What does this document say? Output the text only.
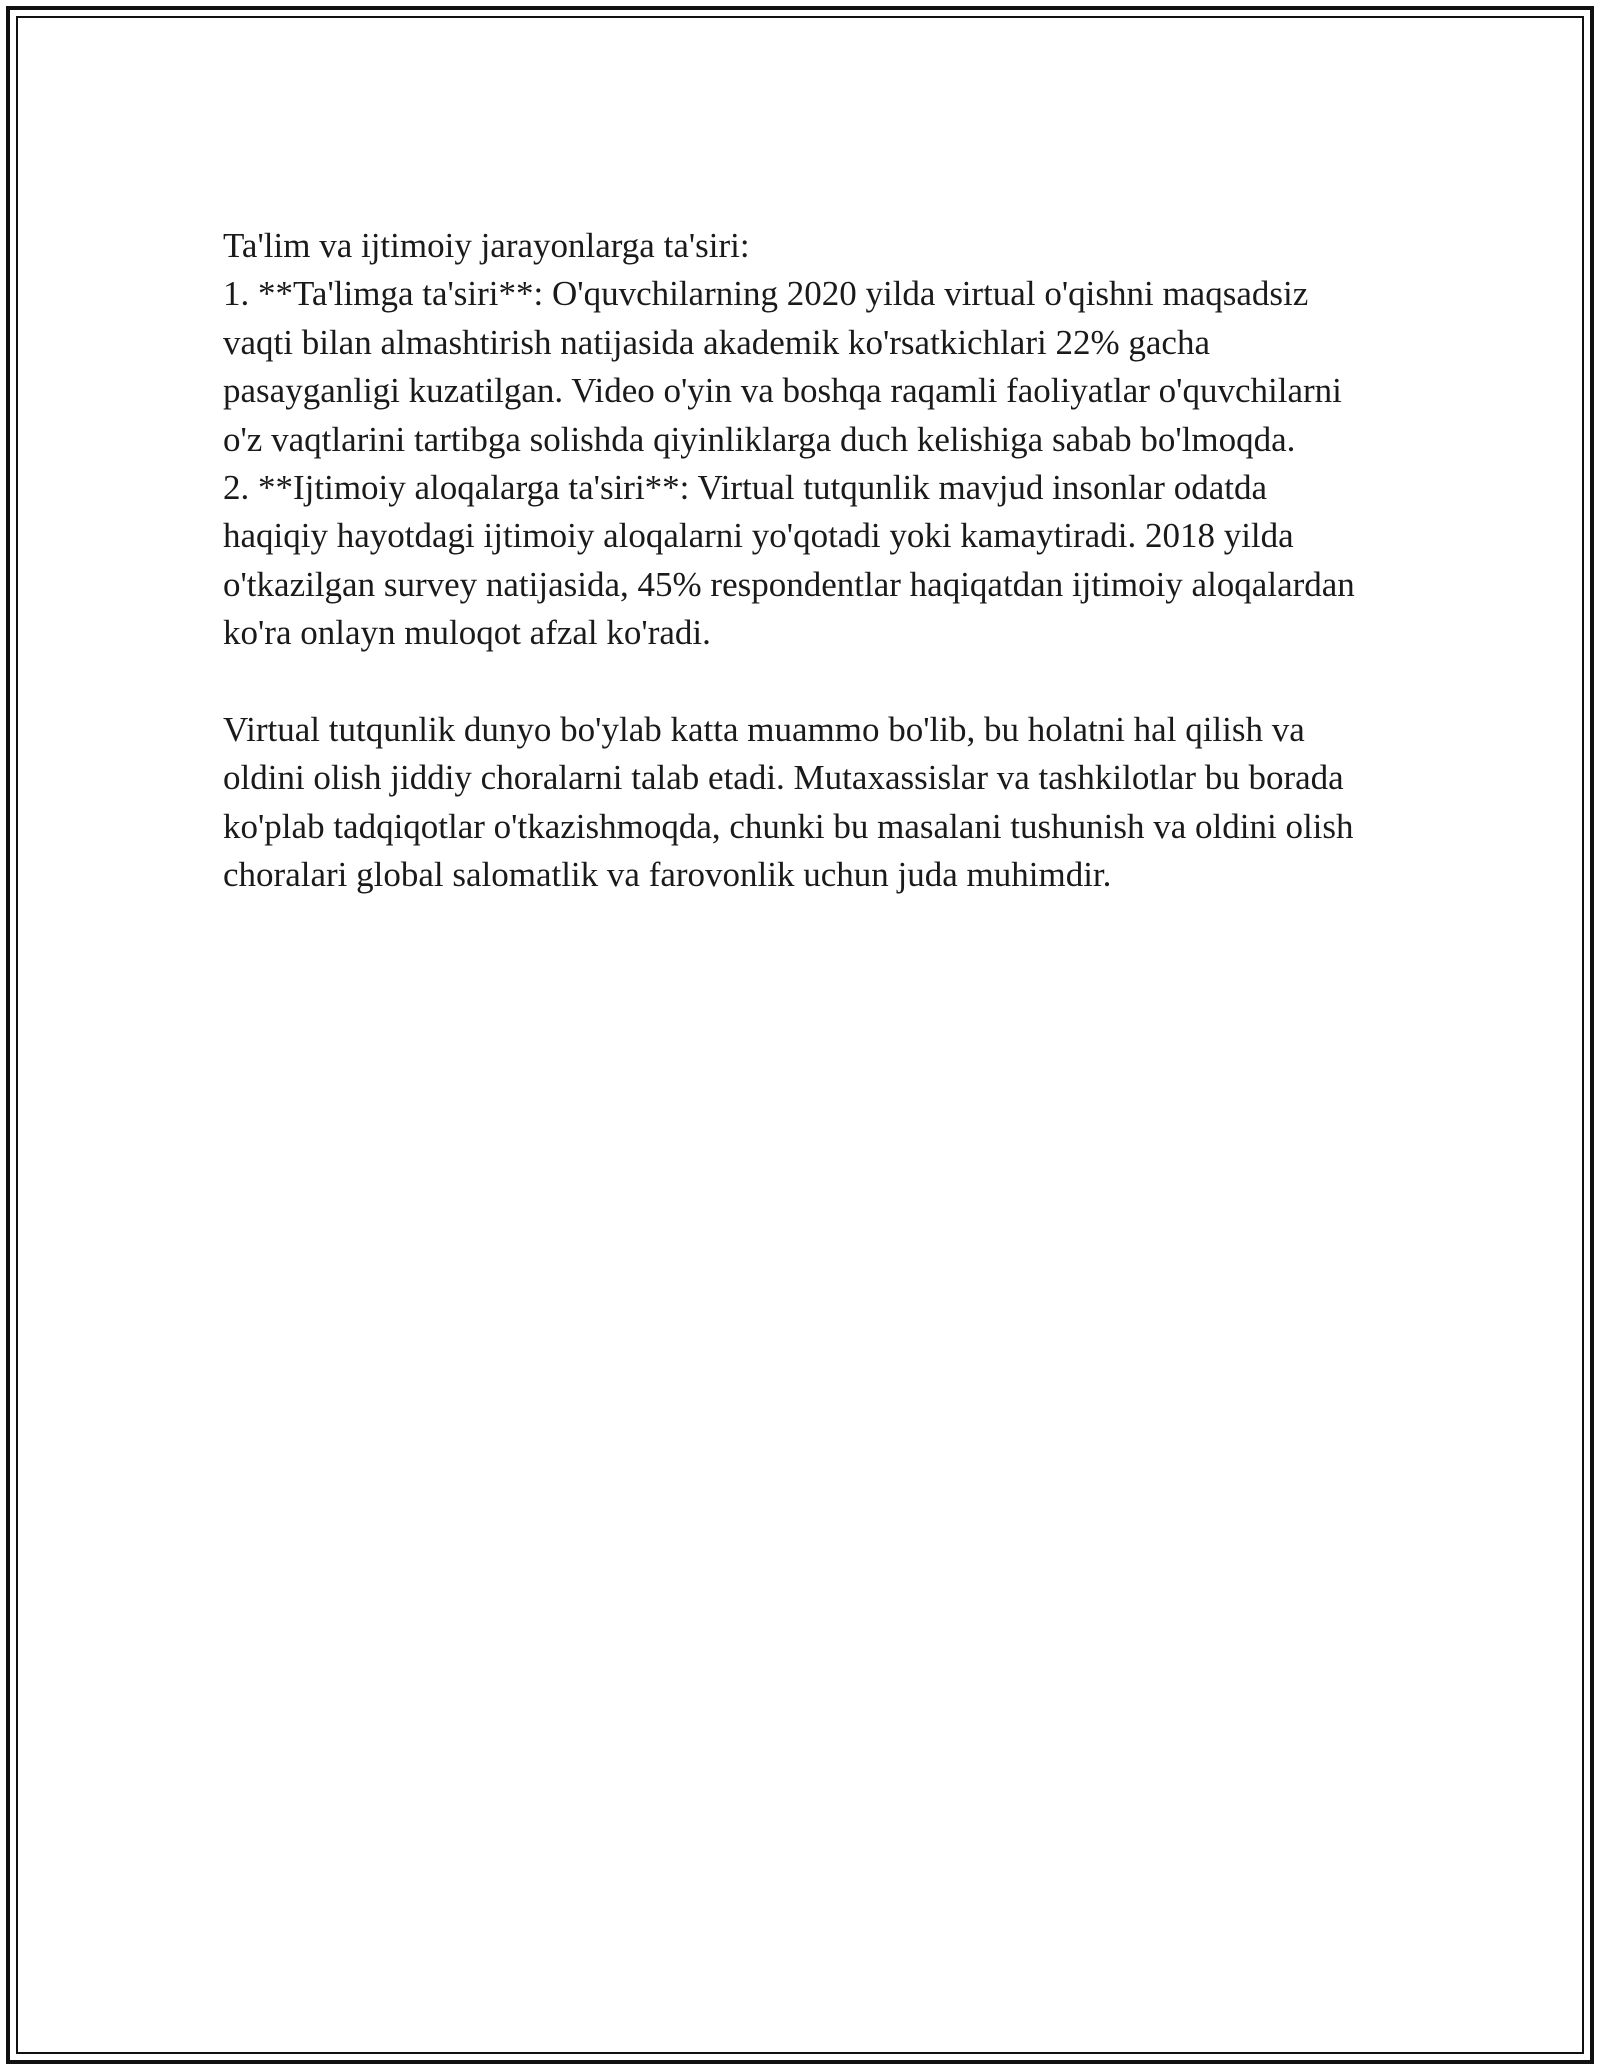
Ta'lim va ijtimoiy jarayonlarga ta'siri:

1. **Ta'limga ta'siri**: O'quvchilarning 2020 yilda virtual o'qishni maqsadsiz vaqti bilan almashtirish natijasida akademik ko'rsatkichlari 22% gacha pasayganligi kuzatilgan. Video o'yin va boshqa raqamli faoliyatlar o'quvchilarni o'z vaqtlarini tartibga solishda qiyinliklarga duch kelishiga sabab bo'lmoqda.

2. **Ijtimoiy aloqalarga ta'siri**: Virtual tutqunlik mavjud insonlar odatda haqiqiy hayotdagi ijtimoiy aloqalarni yo'qotadi yoki kamaytiradi. 2018 yilda o'tkazilgan survey natijasida, 45% respondentlar haqiqatdan ijtimoiy aloqalardan ko'ra onlayn muloqot afzal ko'radi.

Virtual tutqunlik dunyo bo'ylab katta muammo bo'lib, bu holatni hal qilish va oldini olish jiddiy choralarni talab etadi. Mutaxassislar va tashkilotlar bu borada ko'plab tadqiqotlar o'tkazishmoqda, chunki bu masalani tushunish va oldini olish choralari global salomatlik va farovonlik uchun juda muhimdir.
